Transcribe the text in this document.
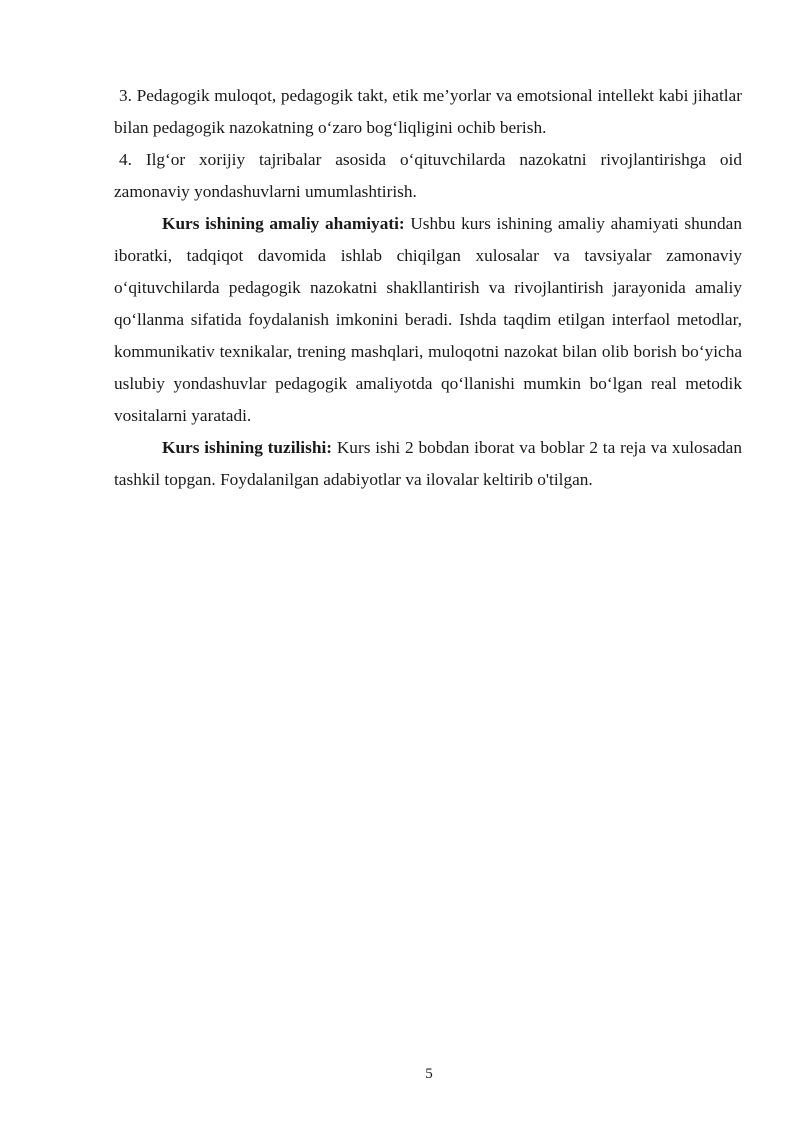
3. Pedagogik muloqot, pedagogik takt, etik me’yorlar va emotsional intellekt kabi jihatlar bilan pedagogik nazokatning o‘zaro bog‘liqligini ochib berish.

4. Ilg‘or xorijiy tajribalar asosida o‘qituvchilarda nazokatni rivojlantirishga oid zamonaviy yondashuvlarni umumlashtirish.

Kurs ishining amaliy ahamiyati: Ushbu kurs ishining amaliy ahamiyati shundan iboratki, tadqiqot davomida ishlab chiqilgan xulosalar va tavsiyalar zamonaviy o‘qituvchilarda pedagogik nazokatni shakllantirish va rivojlantirish jarayonida amaliy qo‘llanma sifatida foydalanish imkonini beradi. Ishda taqdim etilgan interfaol metodlar, kommunikativ texnikalar, trening mashqlari, muloqotni nazokat bilan olib borish bo‘yicha uslubiy yondashuvlar pedagogik amaliyotda qo‘llanishi mumkin bo‘lgan real metodik vositalarni yaratadi.

Kurs ishining tuzilishi: Kurs ishi 2 bobdan iborat va boblar 2 ta reja va xulosadan tashkil topgan. Foydalanilgan adabiyotlar va ilovalar keltirib o'tilgan.

5
